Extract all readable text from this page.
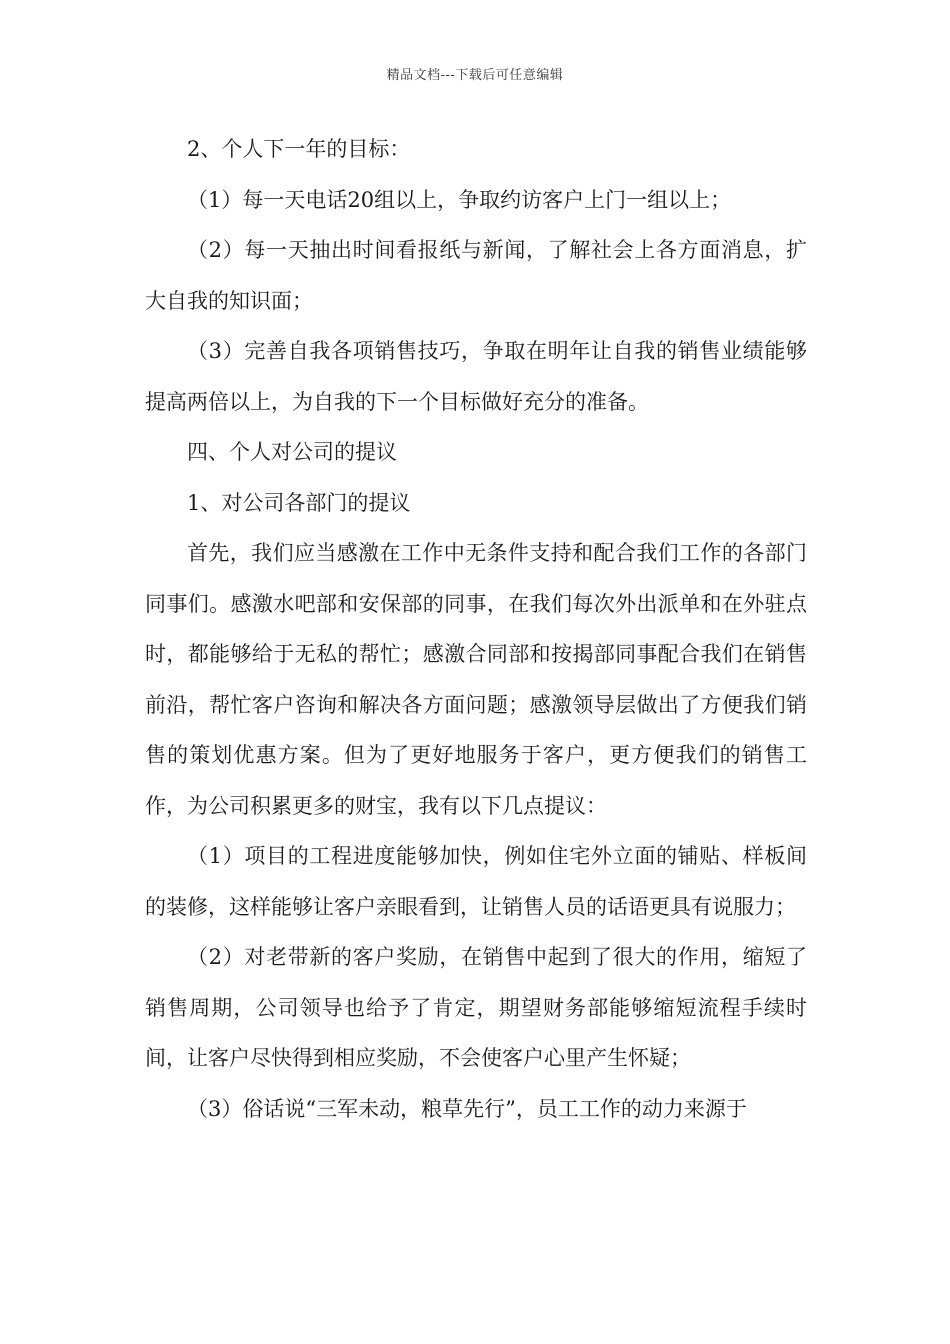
精品文档---下载后可任意编辑

2、个人下一年的目标：

（1）每一天电话20组以上，争取约访客户上门一组以上；

（2）每一天抽出时间看报纸与新闻，了解社会上各方面消息，扩大自我的知识面；

（3）完善自我各项销售技巧，争取在明年让自我的销售业绩能够提高两倍以上，为自我的下一个目标做好充分的准备。

四、个人对公司的提议

1、对公司各部门的提议

首先，我们应当感激在工作中无条件支持和配合我们工作的各部门同事们。感激水吧部和安保部的同事，在我们每次外出派单和在外驻点时，都能够给于无私的帮忙；感激合同部和按揭部同事配合我们在销售前沿，帮忙客户咨询和解决各方面问题；感激领导层做出了方便我们销售的策划优惠方案。但为了更好地服务于客户，更方便我们的销售工作，为公司积累更多的财宝，我有以下几点提议：

（1）项目的工程进度能够加快，例如住宅外立面的铺贴、样板间的装修，这样能够让客户亲眼看到，让销售人员的话语更具有说服力；

（2）对老带新的客户奖励，在销售中起到了很大的作用，缩短了销售周期，公司领导也给予了肯定，期望财务部能够缩短流程手续时间，让客户尽快得到相应奖励，不会使客户心里产生怀疑；

（3）俗话说“三军未动，粮草先行”，员工工作的动力来源于
